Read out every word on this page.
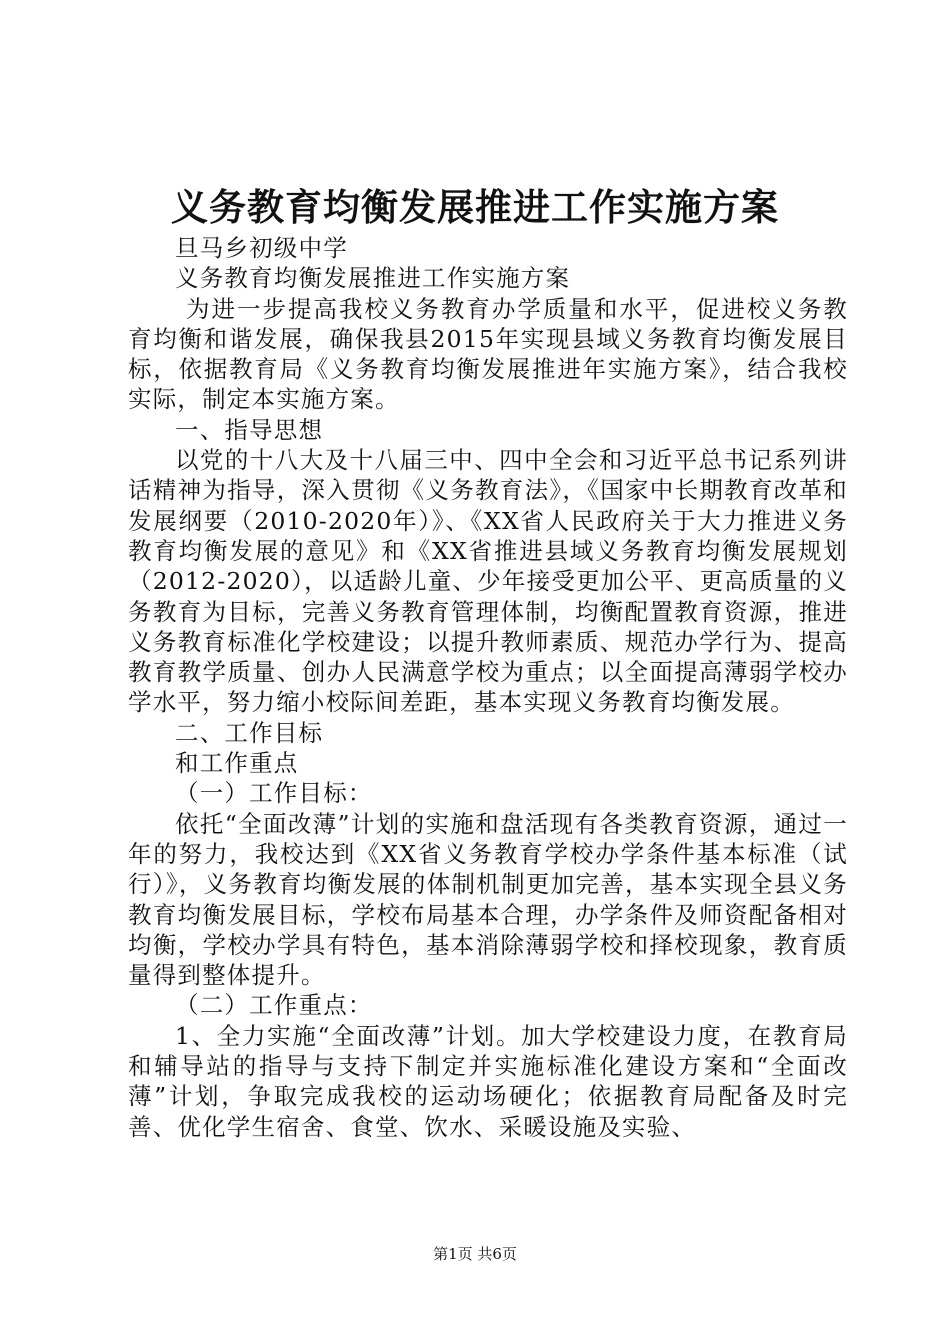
义务教育均衡发展推进工作实施方案

旦马乡初级中学

义务教育均衡发展推进工作实施方案

为进一步提高我校义务教育办学质量和水平，促进校义务教育均衡和谐发展，确保我县2015年实现县域义务教育均衡发展目标，依据教育局《义务教育均衡发展推进年实施方案》，结合我校实际，制定本实施方案。

一、指导思想

以党的十八大及十八届三中、四中全会和习近平总书记系列讲话精神为指导，深入贯彻《义务教育法》，《国家中长期教育改革和发展纲要（2010-2020年）》、《XX省人民政府关于大力推进义务教育均衡发展的意见》和《XX省推进县域义务教育均衡发展规划（2012-2020），以适龄儿童、少年接受更加公平、更高质量的义务教育为目标，完善义务教育管理体制，均衡配置教育资源，推进义务教育标准化学校建设；以提升教师素质、规范办学行为、提高教育教学质量、创办人民满意学校为重点；以全面提高薄弱学校办学水平，努力缩小校际间差距，基本实现义务教育均衡发展。

二、工作目标

和工作重点

（一）工作目标：

依托“全面改薄”计划的实施和盘活现有各类教育资源，通过一年的努力，我校达到《XX省义务教育学校办学条件基本标准（试行）》，义务教育均衡发展的体制机制更加完善，基本实现全县义务教育均衡发展目标，学校布局基本合理，办学条件及师资配备相对均衡，学校办学具有特色，基本消除薄弱学校和择校现象，教育质量得到整体提升。

（二）工作重点：

1、全力实施“全面改薄”计划。加大学校建设力度，在教育局和辅导站的指导与支持下制定并实施标准化建设方案和“全面改薄”计划，争取完成我校的运动场硬化；依据教育局配备及时完善、优化学生宿舍、食堂、饮水、采暖设施及实验、

第1页 共6页
